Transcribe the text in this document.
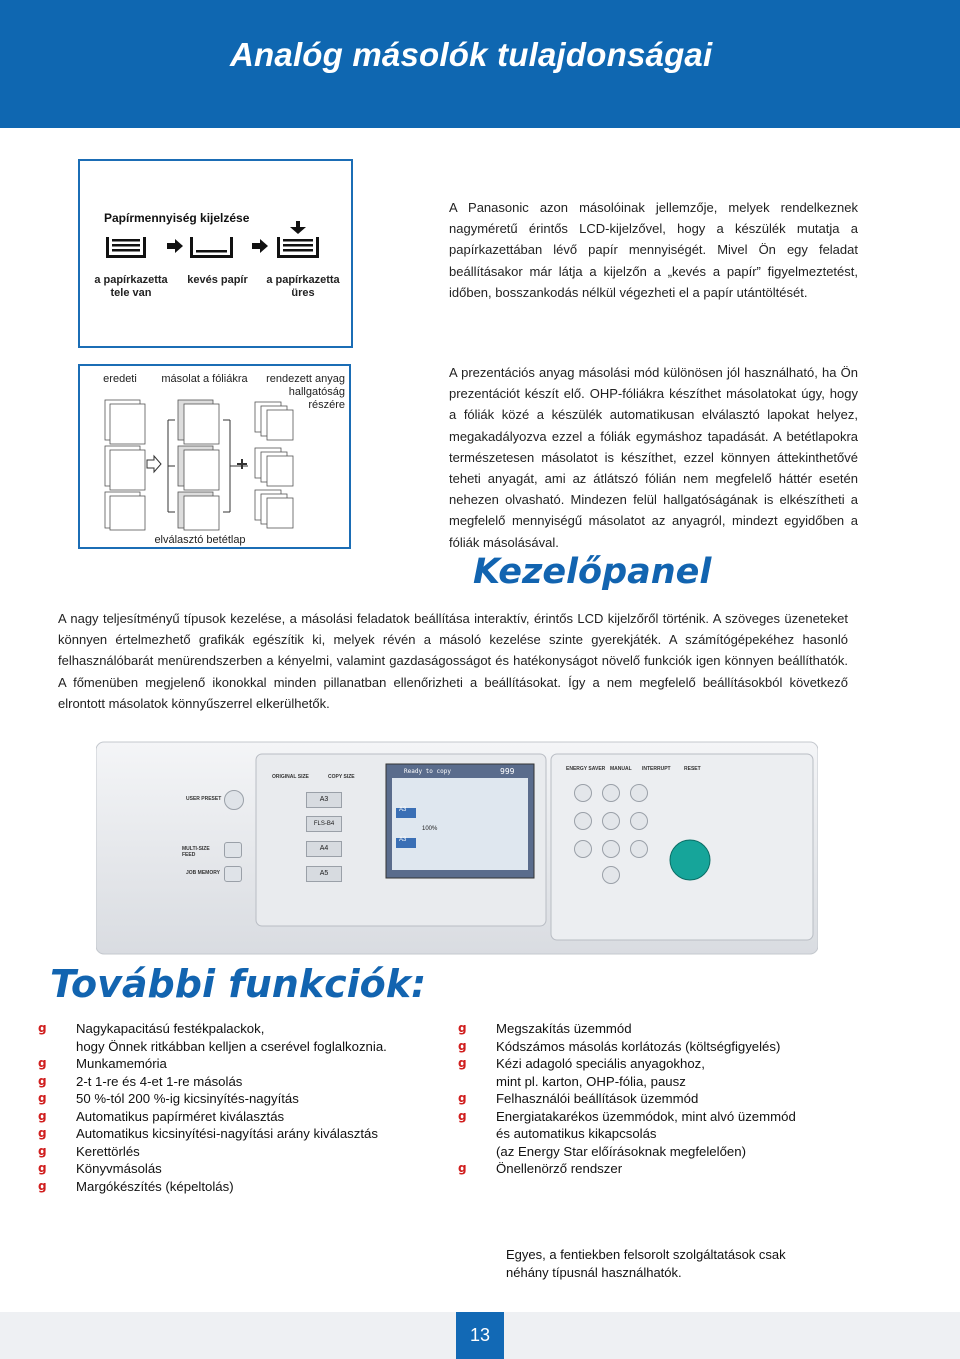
Analóg másolók tulajdonságai
Papírmennyiség kijelzése
a papírkazetta
tele van
kevés papír	a papírkazetta
üres
A Panasonic azon másolóinak jellemzője, melyek rendelkeznek nagyméretű érintős LCD-kijelzővel, hogy a készülék mutatja a papírkazettában lévő papír mennyiségét. Mivel Ön egy feladat beállításakor már látja a kijelzőn a „kevés a papír” figyelmeztetést, időben, bosszankodás nélkül végezheti el a papír utántöltését.
eredeti	másolat a fóliákra	rendezett anyag
hallgatóság
részére
elválasztó betétlap
A prezentációs anyag másolási mód különösen jól használható, ha Ön prezentációt készít elő. OHP-fóliákra készíthet másolatokat úgy, hogy a fóliák közé a készülék automatikusan elválasztó lapokat helyez, megakadályozva ezzel a fóliák egymáshoz tapadását. A betétlapokra természetesen másolatot is készíthet, ezzel könnyen áttekinthetővé teheti anyagát, ami az átlátszó fólián nem megfelelő háttér esetén nehezen olvasható. Mindezen felül hallgatóságának is elkészítheti a megfelelő mennyiségű másolatot az anyagról, mindezt egyidőben a fóliák másolásával.
Kezelőpanel
A nagy teljesítményű típusok kezelése, a másolási feladatok beállítása interaktív, érintős LCD kijelzőről történik. A szöveges üzeneteket könnyen értelmezhető grafikák egészítik ki, melyek révén a másoló kezelése szinte gyerekjáték. A számítógépekéhez hasonló felhasználóbarát menürendszerben a kényelmi, valamint gazdaságosságot és hatékonyságot növelő funkciók igen könnyen beállíthatók. A főmenüben megjelenő ikonokkal minden pillanatban ellenőrizheti a beállításokat. Így a nem megfelelő beállításokból következő elrontott másolatok könnyűszerrel elkerülhetők.
ORIGINAL SIZE	COPY SIZE
USER PRESET
MULTI-SIZE FEED
JOB MEMORY
A3
FLS-B4
A4
A5
Ready to copy	999
A3
100%
A3
ENERGY SAVER MANUAL INTERRUPT	RESET
További funkciók:
g Nagykapacitású festékpalackok,
hogy Önnek ritkábban kelljen a cserével foglalkoznia.
g Munkamemória
g 2-t 1-re és 4-et 1-re másolás
g 50 %-tól 200 %-ig kicsinyítés-nagyítás
g Automatikus papírméret kiválasztás
g Automatikus kicsinyítési-nagyítási arány kiválasztás
g Kerettörlés
g Könyvmásolás
g Margókészítés (képeltolás)
g Megszakítás üzemmód
g Kódszámos másolás korlátozás (költségfigyelés)
g Kézi adagoló speciális anyagokhoz,
mint pl. karton, OHP-fólia, pausz
g Felhasználói beállítások üzemmód
g Energiatakarékos üzemmódok, mint alvó üzemmód
és automatikus kikapcsolás
(az Energy Star előírásoknak megfelelően)
g Önellenörző rendszer
Egyes, a fentiekben felsorolt szolgáltatások csak néhány típusnál használhatók.
13
